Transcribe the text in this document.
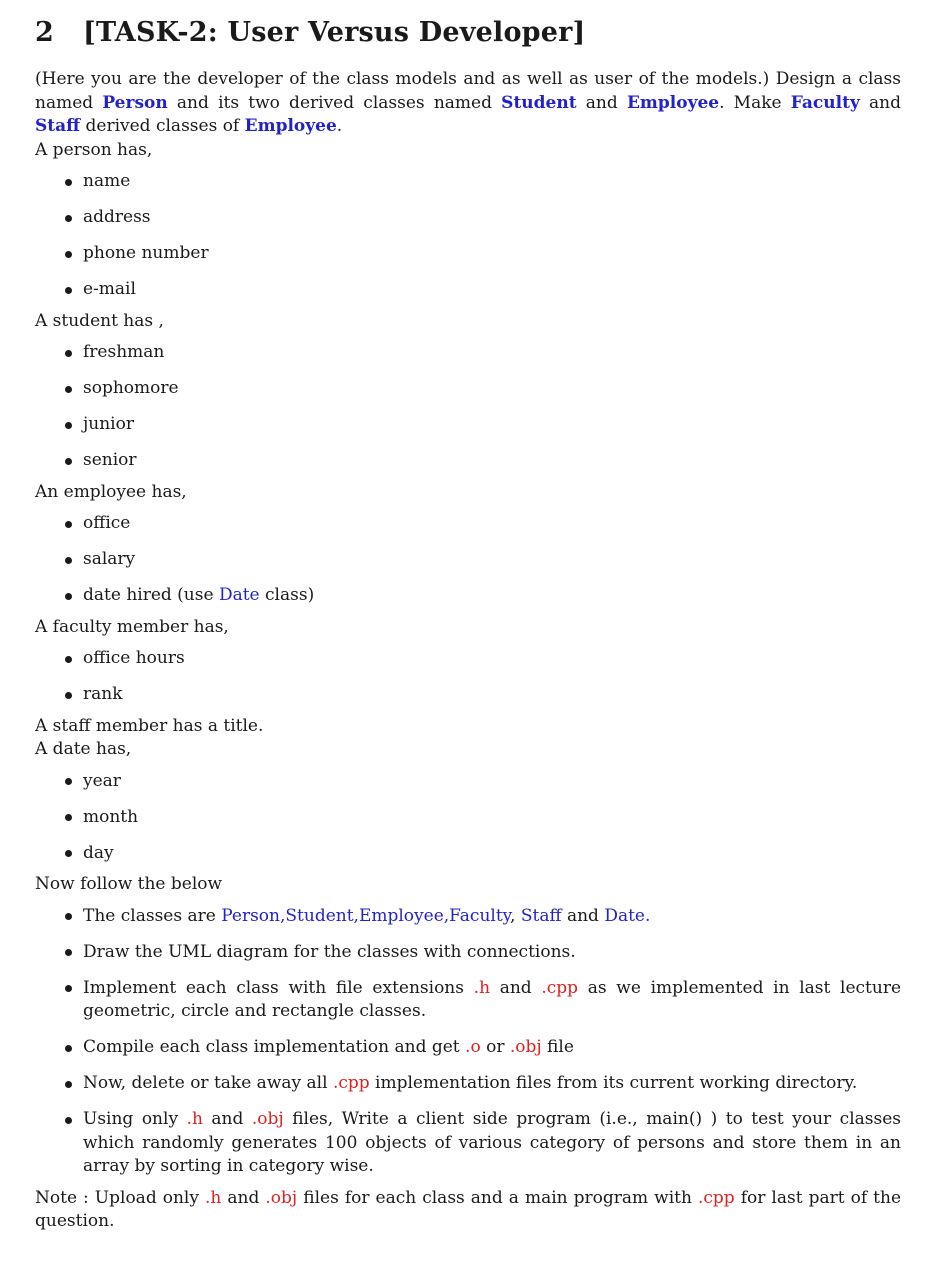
2 [TASK-2: User Versus Developer]

(Here you are the developer of the class models and as well as user of the models.) Design a class named Person and its two derived classes named Student and Employee. Make Faculty and Staff derived classes of Employee.

A person has,

name
address
phone number
e-mail

A student has ,

freshman
sophomore
junior
senior

An employee has,

office
salary
date hired (use Date class)

A faculty member has,

office hours
rank

A staff member has a title.

A date has,

year
month
day

Now follow the below

The classes are Person,Student,Employee,Faculty, Staff and Date.
Draw the UML diagram for the classes with connections.
Implement each class with file extensions .h and .cpp as we implemented in last lecture geometric, circle and rectangle classes.
Compile each class implementation and get .o or .obj file
Now, delete or take away all .cpp implementation files from its current working directory.
Using only .h and .obj files, Write a client side program (i.e., main() ) to test your classes which randomly generates 100 objects of various category of persons and store them in an array by sorting in category wise.

Note : Upload only .h and .obj files for each class and a main program with .cpp for last part of the question.
